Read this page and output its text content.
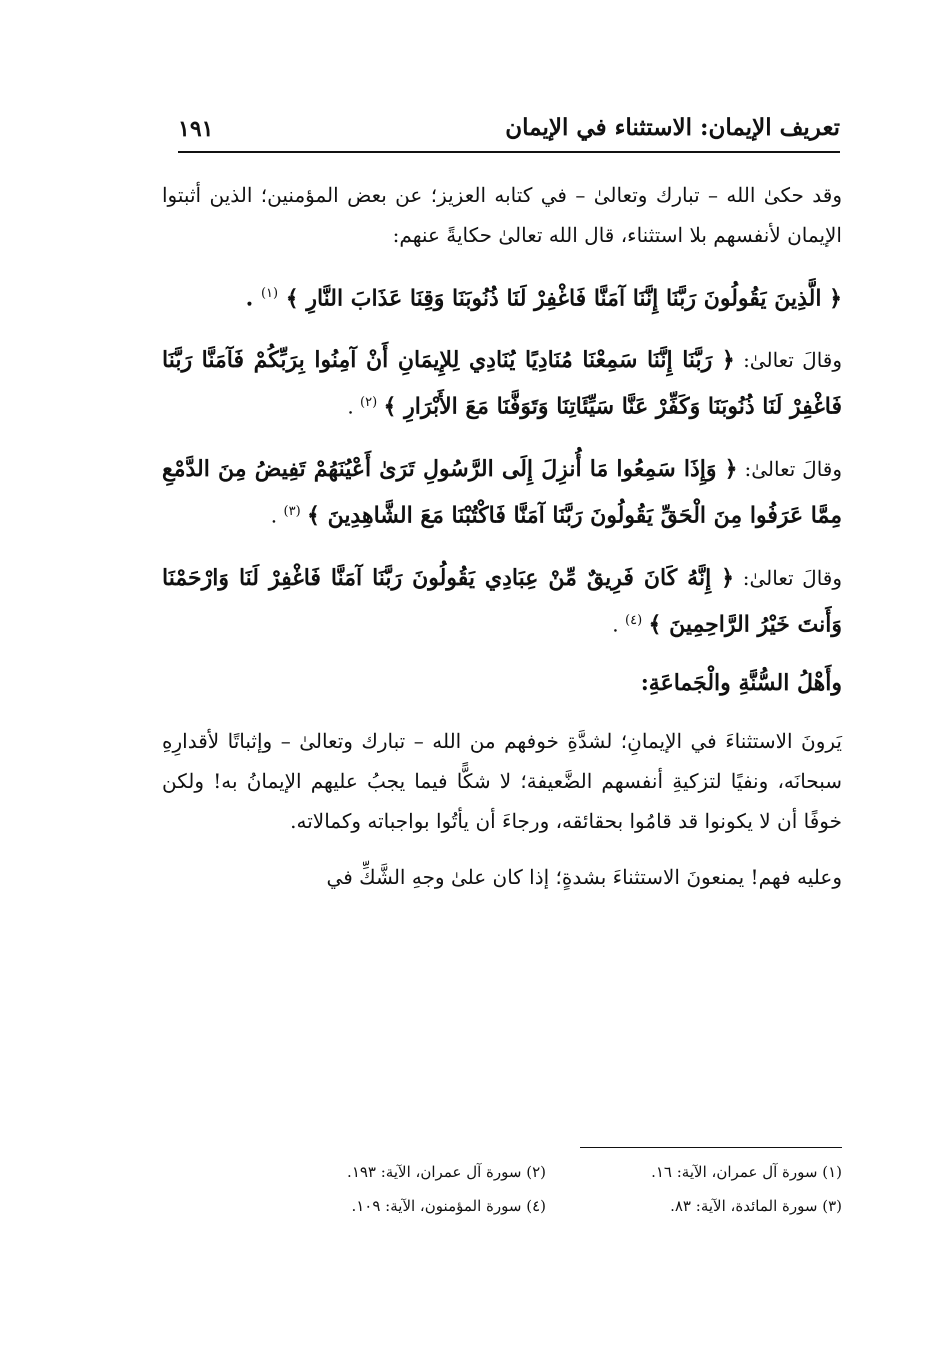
تعريف الإيمان: الاستثناء في الإيمان
١٩١

وقد حكىٰ الله – تبارك وتعالىٰ – في كتابه العزيز؛ عن بعض المؤمنين؛ الذين أثبتوا الإيمان لأنفسهم بلا استثناء، قال الله تعالىٰ حكايةً عنهم:

﴿ الَّذِينَ يَقُولُونَ رَبَّنَا إِنَّنَا آمَنَّا فَاغْفِرْ لَنَا ذُنُوبَنَا وَقِنَا عَذَابَ النَّارِ ﴾ $^{(١)}$ .

وقالَ تعالىٰ: ﴿ رَبَّنَا إِنَّنَا سَمِعْنَا مُنَادِيًا يُنَادِي لِلإِيمَانِ أَنْ آمِنُوا بِرَبِّكُمْ فَآمَنَّا رَبَّنَا فَاغْفِرْ لَنَا ذُنُوبَنَا وَكَفِّرْ عَنَّا سَيِّئَاتِنَا وَتَوَفَّنَا مَعَ الأَبْرَارِ ﴾ $^{(٢)}$ .

وقالَ تعالىٰ: ﴿ وَإِذَا سَمِعُوا مَا أُنزِلَ إِلَى الرَّسُولِ تَرَىٰ أَعْيُنَهُمْ تَفِيضُ مِنَ الدَّمْعِ مِمَّا عَرَفُوا مِنَ الْحَقِّ يَقُولُونَ رَبَّنَا آمَنَّا فَاكْتُبْنَا مَعَ الشَّاهِدِينَ ﴾ $^{(٣)}$ .

وقالَ تعالىٰ: ﴿ إِنَّهُ كَانَ فَرِيقٌ مِّنْ عِبَادِي يَقُولُونَ رَبَّنَا آمَنَّا فَاغْفِرْ لَنَا وَارْحَمْنَا وَأَنتَ خَيْرُ الرَّاحِمِينَ ﴾ $^{(٤)}$ .

وأَهْلُ السُّنَّةِ والْجَماعَةِ:

يَرونَ الاستثناءَ في الإيمانِ؛ لشدَّةِ خوفهم من الله – تبارك وتعالىٰ – وإثباتًا لأقدارِهِ سبحانَه، ونفيًا لتزكيةِ أنفسهم الضَّعيفة؛ لا شكًّا فيما يجبُ عليهم الإيمانُ به! ولكن خوفًا أن لا يكونوا قد قامُوا بحقائقه، ورجاءَ أن يأتُوا بواجباته وكمالاته.

وعليه فهم! يمنعونَ الاستثناءَ بشدةٍ؛ إذا كان علىٰ وجهِ الشَّكِّ في

(١) سورة آل عمران، الآية: ١٦.
(٢) سورة آل عمران، الآية: ١٩٣.
(٣) سورة المائدة، الآية: ٨٣.
(٤) سورة المؤمنون، الآية: ١٠٩.
